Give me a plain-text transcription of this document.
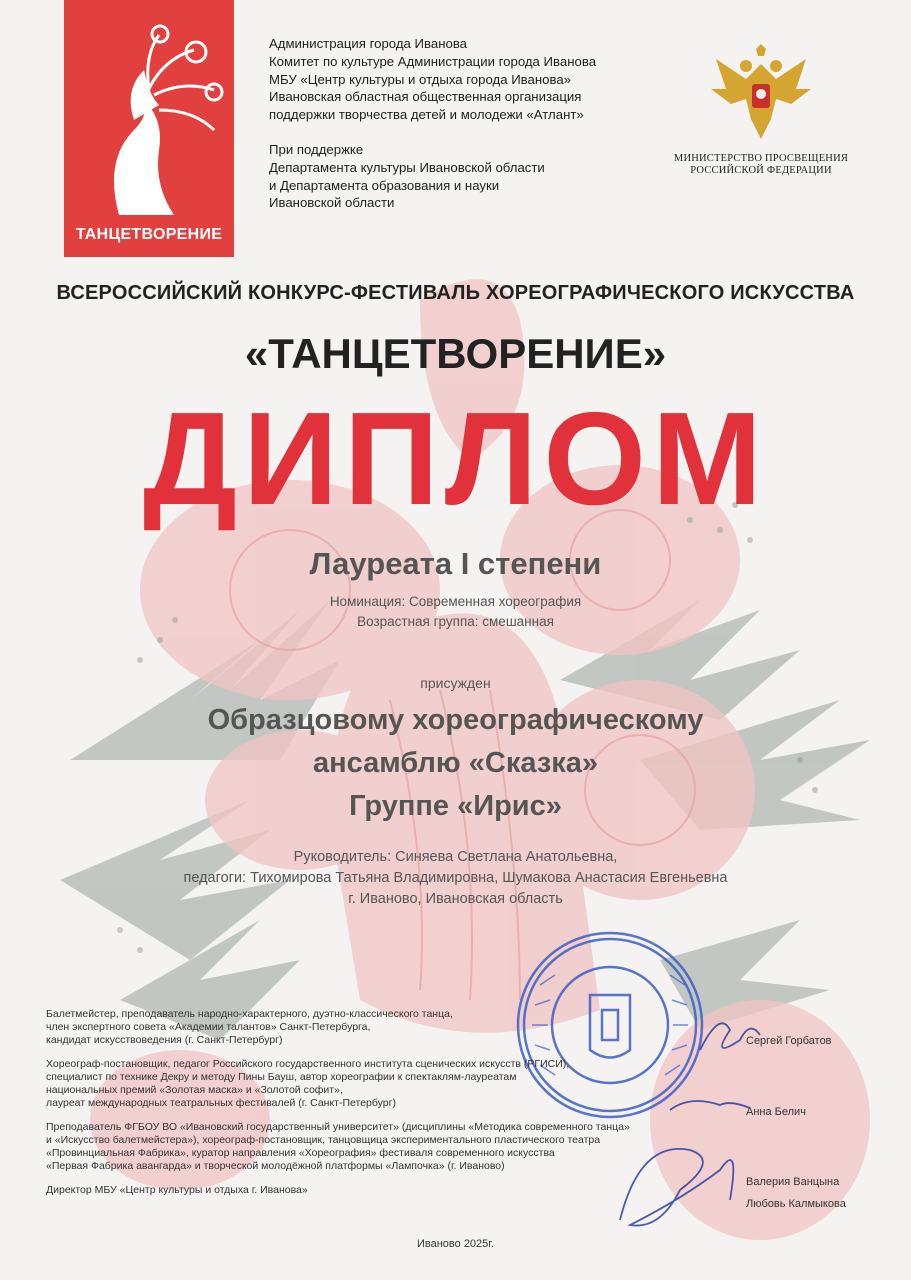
ТАНЦЕТВОРЕНИЕ
Администрация города Иванова
Комитет по культуре Администрации города Иванова
МБУ «Центр культуры и отдыха города Иванова»
Ивановская областная общественная организация
поддержки творчества детей и молодежи «Атлант»
При поддержке
Департамента культуры Ивановской области
и Департамента образования и науки
Ивановской области
МИНИСТЕРСТВО ПРОСВЕЩЕНИЯ
РОССИЙСКОЙ ФЕДЕРАЦИИ
ВСЕРОССИЙСКИЙ КОНКУРС-ФЕСТИВАЛЬ ХОРЕОГРАФИЧЕСКОГО ИСКУССТВА
«ТАНЦЕТВОРЕНИЕ»
ДИПЛОМ
Лауреата I степени
Номинация: Современная хореография
Возрастная группа: смешанная
присужден
Образцовому хореографическому
ансамблю «Сказка»
Группе «Ирис»
Руководитель: Синяева Светлана Анатольевна,
педагоги: Тихомирова Татьяна Владимировна, Шумакова Анастасия Евгеньевна
г. Иваново, Ивановская область
Балетмейстер, преподаватель народно-характерного, дуэтно-классического танца,
член экспертного совета «Академии талантов» Санкт-Петербурга,
кандидат искусствоведения (г. Санкт-Петербург)
Хореограф-постановщик, педагог Российского государственного института сценических искусств (РГИСИ),
специалист по технике Декру и методу Пины Бауш, автор хореографии к спектаклям-лауреатам
национальных премий «Золотая маска» и «Золотой софит»,
лауреат международных театральных фестивалей (г. Санкт-Петербург)
Преподаватель ФГБОУ ВО «Ивановский государственный университет» (дисциплины «Методика современного танца»
и «Искусство балетмейстера»), хореограф-постановщик, танцовщица экспериментального пластического театра
«Провинциальная Фабрика», куратор направления «Хореография» фестиваля современного искусства
«Первая Фабрика авангарда» и творческой молодёжной платформы «Лампочка» (г. Иваново)
Директор МБУ «Центр культуры и отдыха г. Иванова»
Сергей Горбатов
Анна Белич
Валерия Ванцына
Любовь Калмыкова
Иваново 2025г.
